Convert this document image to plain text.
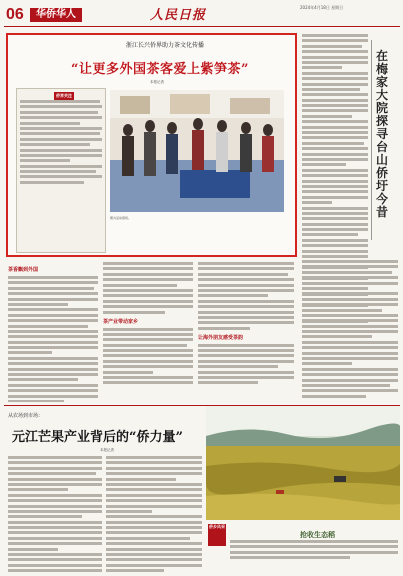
06	华侨华人	人民日报
2024年4月18日 星期日
浙江长兴侨界助力茶文化传播
“让更多外国茶客爱上紫笋茶”
本报记者
侨界关注
图为活动现场。
在梅家大院探寻台山侨圩今昔
茶香飘到外国
茶产业带动家乡
让海外朋友感受茶韵
从农场到市场：
元江芒果产业背后的“侨力量”
本报记者
侨乡风采
抢收生态稻
